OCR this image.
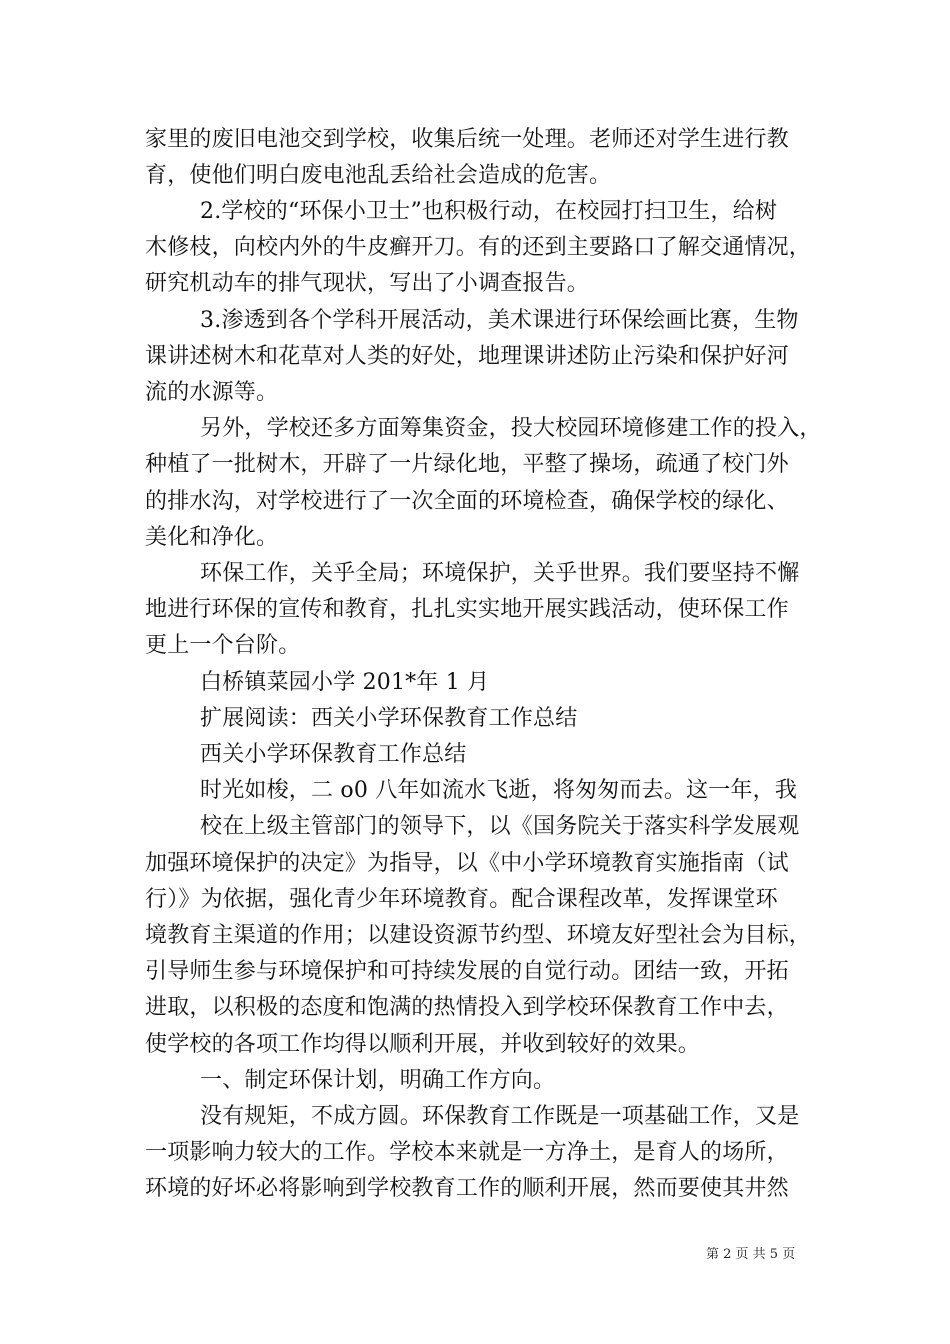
家里的废旧电池交到学校，收集后统一处理。老师还对学生进行教
育，使他们明白废电池乱丢给社会造成的危害。
2.学校的“环保小卫士”也积极行动，在校园打扫卫生，给树
木修枝，向校内外的牛皮癣开刀。有的还到主要路口了解交通情况，
研究机动车的排气现状，写出了小调查报告。
3.渗透到各个学科开展活动，美术课进行环保绘画比赛，生物
课讲述树木和花草对人类的好处，地理课讲述防止污染和保护好河
流的水源等。
另外，学校还多方面筹集资金，投大校园环境修建工作的投入，
种植了一批树木，开辟了一片绿化地，平整了操场，疏通了校门外
的排水沟，对学校进行了一次全面的环境检查，确保学校的绿化、
美化和净化。
环保工作，关乎全局；环境保护，关乎世界。我们要坚持不懈
地进行环保的宣传和教育，扎扎实实地开展实践活动，使环保工作
更上一个台阶。
白桥镇菜园小学 201*年 1 月
扩展阅读：西关小学环保教育工作总结
西关小学环保教育工作总结
时光如梭，二 o0 八年如流水飞逝，将匆匆而去。这一年，我
校在上级主管部门的领导下，以《国务院关于落实科学发展观
加强环境保护的决定》为指导，以《中小学环境教育实施指南（试
行）》为依据，强化青少年环境教育。配合课程改革，发挥课堂环
境教育主渠道的作用；以建设资源节约型、环境友好型社会为目标，
引导师生参与环境保护和可持续发展的自觉行动。团结一致，开拓
进取，以积极的态度和饱满的热情投入到学校环保教育工作中去，
使学校的各项工作均得以顺利开展，并收到较好的效果。
一、制定环保计划，明确工作方向。
没有规矩，不成方圆。环保教育工作既是一项基础工作，又是
一项影响力较大的工作。学校本来就是一方净土，是育人的场所，
环境的好坏必将影响到学校教育工作的顺利开展，然而要使其井然
第 2 页 共 5 页
